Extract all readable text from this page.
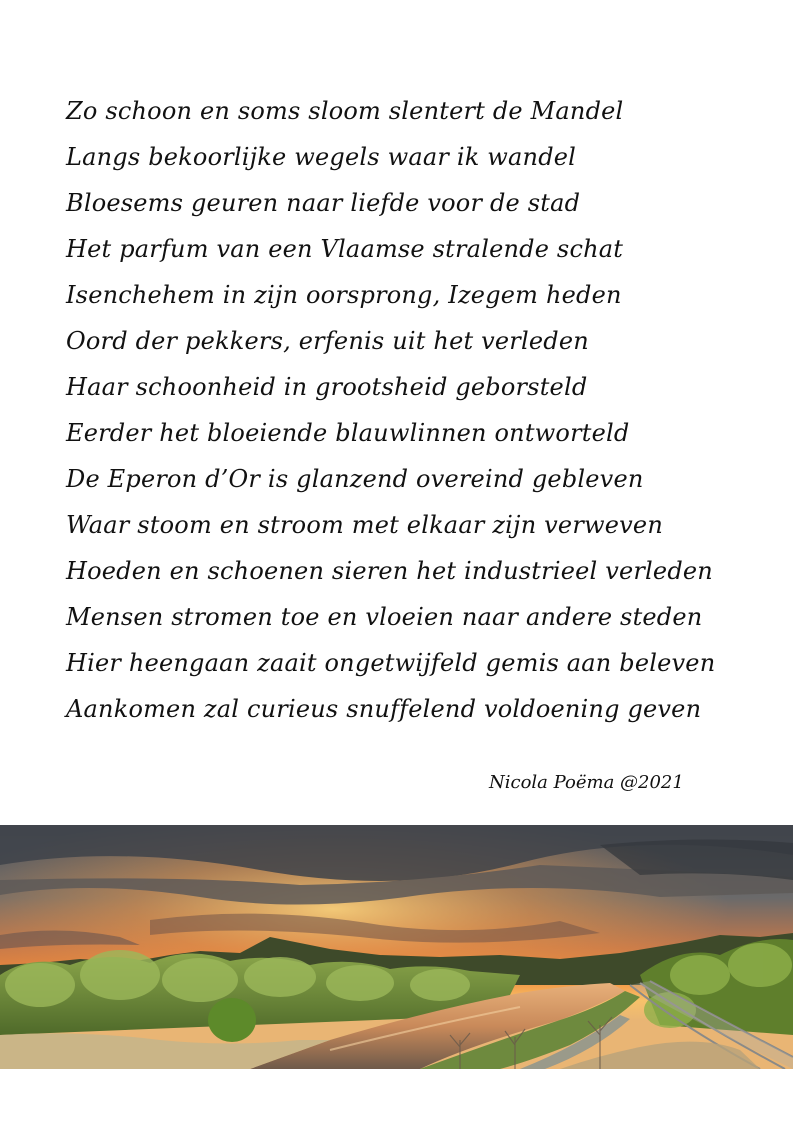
Zo schoon en soms sloom slentert de Mandel
Langs bekoorlijke wegels waar ik wandel
Bloesems geuren naar liefde voor de stad
Het parfum van een Vlaamse stralende schat
Isenchehem in zijn oorsprong, Izegem heden
Oord der pekkers, erfenis uit het verleden
Haar schoonheid in grootsheid geborsteld
Eerder het bloeiende blauwlinnen ontworteld
De Eperon d’Or is glanzend overeind gebleven
Waar stoom en stroom met elkaar zijn verweven
Hoeden en schoenen sieren het industrieel verleden
Mensen stromen toe en vloeien naar andere steden
Hier heengaan zaait ongetwijfeld gemis aan beleven
Aankomen zal curieus snuffelend voldoening geven
Nicola Poëma @2021
